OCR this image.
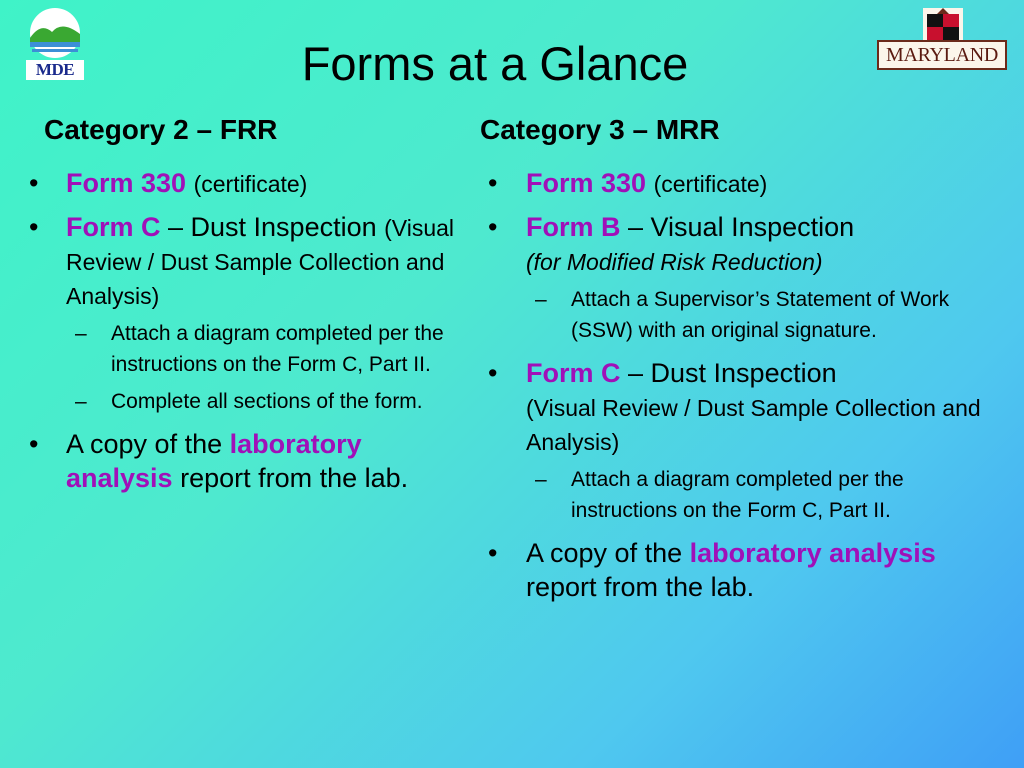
MDE
MARYLAND
Forms at a Glance
Category 2 – FRR
• Form 330 (certificate)
• Form C – Dust Inspection (Visual Review / Dust Sample Collection and Analysis)
– Attach a diagram completed per the instructions on the Form C, Part II.
– Complete all sections of the form.
• A copy of the laboratory analysis report from the lab.
Category 3 – MRR
• Form 330 (certificate)
• Form B – Visual Inspection
(for Modified Risk Reduction)
– Attach a Supervisor’s Statement of Work (SSW) with an original signature.
• Form C – Dust Inspection
(Visual Review / Dust Sample Collection and Analysis)
– Attach a diagram completed per the instructions on the Form C, Part II.
• A copy of the laboratory analysis report from the lab.
